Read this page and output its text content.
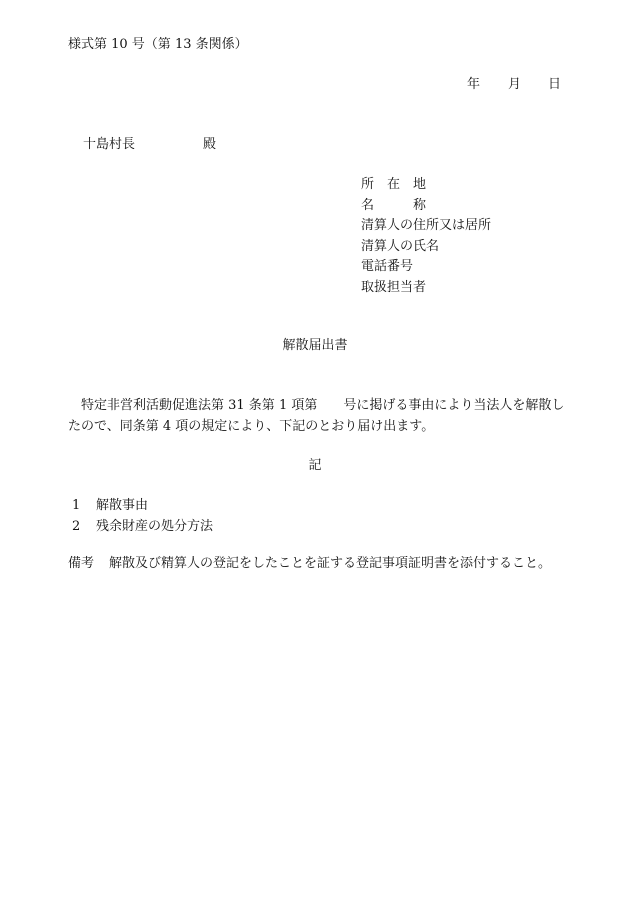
様式第 10 号（第 13 条関係）
年 月 日
十島村長	殿
所　在　地
名　　　称
清算人の住所又は居所
清算人の氏名
電話番号
取扱担当者
解散届出書
特定非営利活動促進法第 31 条第 1 項第　　号に掲げる事由により当法人を解散したので、同条第 4 項の規定により、下記のとおり届け出ます。
記
1 解散事由
2 残余財産の処分方法
備考　 解散及び精算人の登記をしたことを証する登記事項証明書を添付すること。
